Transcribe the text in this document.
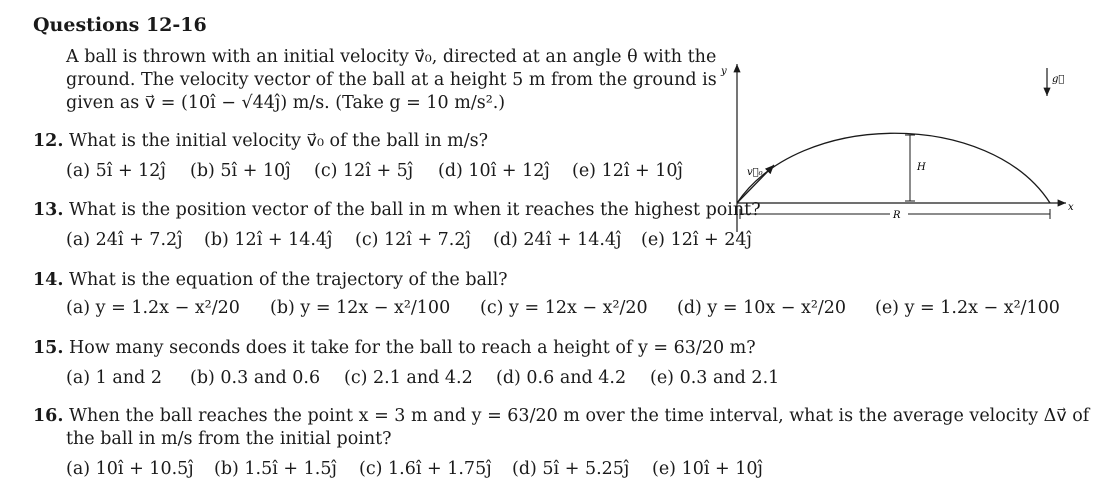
Questions 12-16
A ball is thrown with an initial velocity v⃗₀, directed at an angle θ with the
ground. The velocity vector of the ball at a height 5 m from the ground is
given as v⃗ = (10î − √44ĵ) m/s. (Take g = 10 m/s².)
12. What is the initial velocity v⃗₀ of the ball in m/s?
(a) 5î + 12ĵ (b) 5î + 10ĵ (c) 12î + 5ĵ (d) 10î + 12ĵ (e) 12î + 10ĵ
13. What is the position vector of the ball in m when it reaches the highest point?
(a) 24î + 7.2ĵ (b) 12î + 14.4ĵ (c) 12î + 7.2ĵ (d) 24î + 14.4ĵ (e) 12î + 24ĵ
14. What is the equation of the trajectory of the ball?
(a) y = 1.2x − x²/20 (b) y = 12x − x²/100 (c) y = 12x − x²/20 (d) y = 10x − x²/20 (e) y = 1.2x − x²/100
15. How many seconds does it take for the ball to reach a height of y = 63/20 m?
(a) 1 and 2 (b) 0.3 and 0.6 (c) 2.1 and 4.2 (d) 0.6 and 4.2 (e) 0.3 and 2.1
16. When the ball reaches the point x = 3 m and y = 63/20 m over the time interval, what is the average velocity Δv⃗ of
the ball in m/s from the initial point?
(a) 10î + 10.5ĵ (b) 1.5î + 1.5ĵ (c) 1.6î + 1.75ĵ (d) 5î + 5.25ĵ (e) 10î + 10ĵ
y
x
v⃗₀	H
R
g⃗
